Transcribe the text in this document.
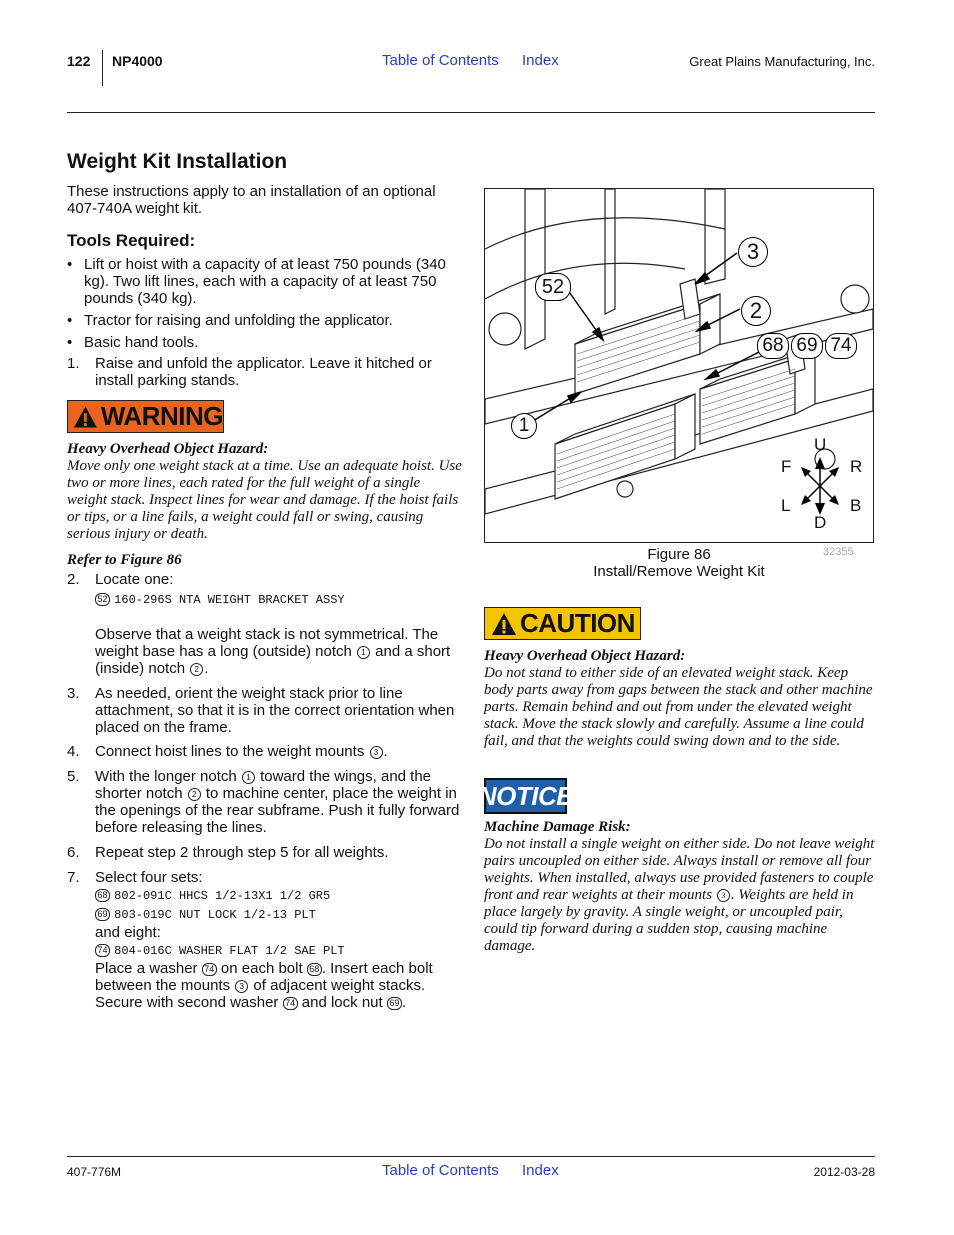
122 NP4000	Table of Contents Index	Great Plains Manufacturing, Inc.
Weight Kit Installation
These instructions apply to an installation of an optional 407-740A weight kit.
Tools Required:
• Lift or hoist with a capacity of at least 750 pounds (340 kg). Two lift lines, each with a capacity of at least 750 pounds (340 kg).
• Tractor for raising and unfolding the applicator.
• Basic hand tools.
1. Raise and unfold the applicator. Leave it hitched or install parking stands.
WARNING
Heavy Overhead Object Hazard:
Move only one weight stack at a time. Use an adequate hoist. Use two or more lines, each rated for the full weight of a single weight stack. Inspect lines for wear and damage. If the hoist fails or tips, or a line fails, a weight could fall or swing, causing serious injury or death.
Refer to Figure 86
2. Locate one:
52 160-296S NTA WEIGHT BRACKET ASSY
Observe that a weight stack is not symmetrical. The weight base has a long (outside) notch 1 and a short (inside) notch 2 .
3. As needed, orient the weight stack prior to line attachment, so that it is in the correct orientation when placed on the frame.
4. Connect hoist lines to the weight mounts 3 .
5. With the longer notch 1 toward the wings, and the shorter notch 2 to machine center, place the weight in the openings of the rear subframe. Push it fully forward before releasing the lines.
6. Repeat step 2 through step 5 for all weights.
7. Select four sets:
68 802-091C HHCS 1/2-13X1 1/2 GR5
69 803-019C NUT LOCK 1/2-13 PLT
and eight:
74 804-016C WASHER FLAT 1/2 SAE PLT
Place a washer 74 on each bolt 68 . Insert each bolt between the mounts 3 of adjacent weight stacks. Secure with second washer 74 and lock nut 69 .
3
52
2
68 69 74
1
U
F	R
L	B
D
Figure 86
Install/Remove Weight Kit
32355
CAUTION
Heavy Overhead Object Hazard:
Do not stand to either side of an elevated weight stack. Keep body parts away from gaps between the stack and other machine parts. Remain behind and out from under the elevated weight stack. Move the stack slowly and carefully. Assume a line could fail, and that the weights could swing down and to the side.
NOTICE
Machine Damage Risk:
Do not install a single weight on either side. Do not leave weight pairs uncoupled on either side. Always install or remove all four weights. When installed, always use provided fasteners to couple front and rear weights at their mounts 3 . Weights are held in place largely by gravity. A single weight, or uncoupled pair, could tip forward during a sudden stop, causing machine damage.
407-776M	Table of Contents Index	2012-03-28
